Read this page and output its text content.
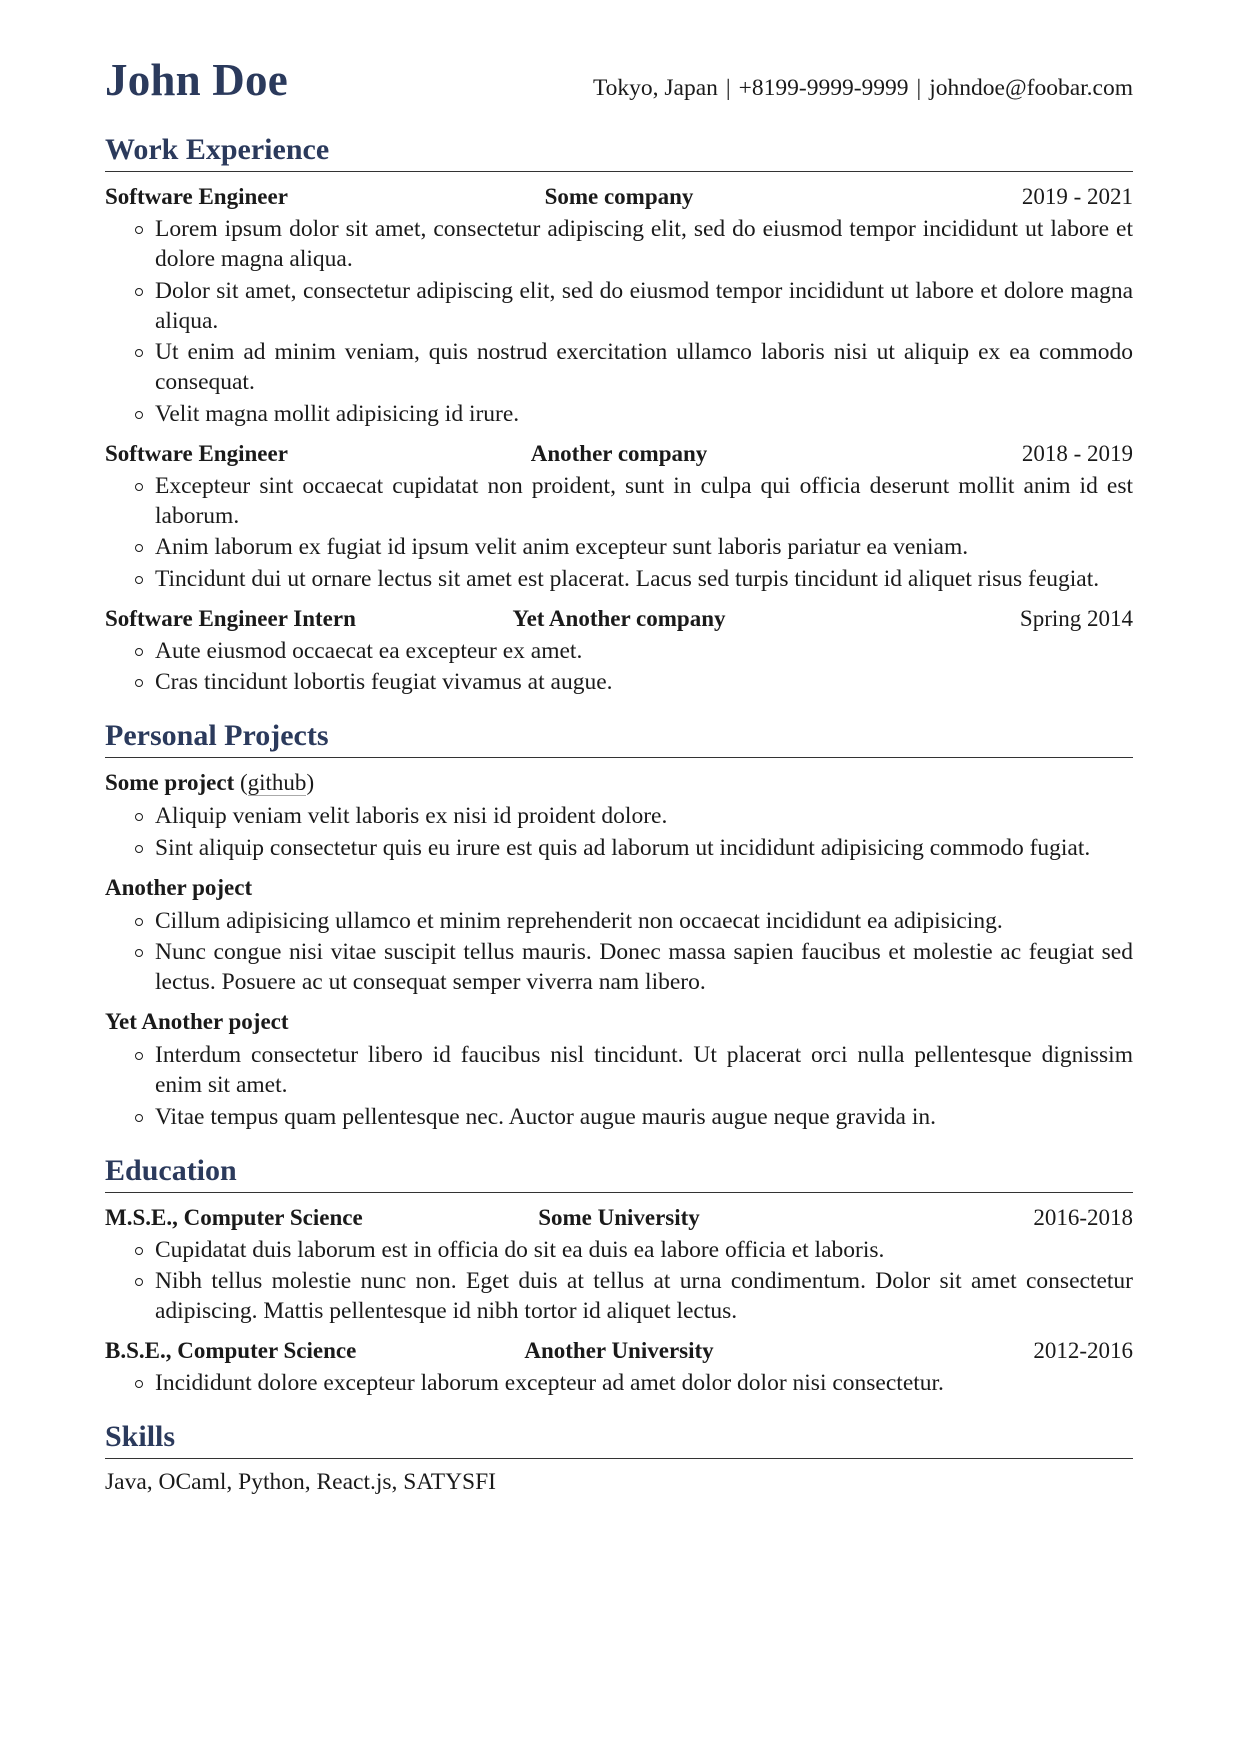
John Doe	Tokyo, Japan | +8199-9999-9999 | johndoe@foobar.com
Work Experience
Software Engineer	Some company	2019 - 2021
Lorem ipsum dolor sit amet, consectetur adipiscing elit, sed do eiusmod tempor incididunt ut labore et dolore magna aliqua.
Dolor sit amet, consectetur adipiscing elit, sed do eiusmod tempor incididunt ut labore et dolore magna aliqua.
Ut enim ad minim veniam, quis nostrud exercitation ullamco laboris nisi ut aliquip ex ea commodo consequat.
Velit magna mollit adipisicing id irure.
Software Engineer	Another company	2018 - 2019
Excepteur sint occaecat cupidatat non proident, sunt in culpa qui officia deserunt mollit anim id est laborum.
Anim laborum ex fugiat id ipsum velit anim excepteur sunt laboris pariatur ea veniam.
Tincidunt dui ut ornare lectus sit amet est placerat. Lacus sed turpis tincidunt id aliquet risus feugiat.
Software Engineer Intern	Yet Another company	Spring 2014
Aute eiusmod occaecat ea excepteur ex amet.
Cras tincidunt lobortis feugiat vivamus at augue.
Personal Projects
Some project (github)
Aliquip veniam velit laboris ex nisi id proident dolore.
Sint aliquip consectetur quis eu irure est quis ad laborum ut incididunt adipisicing commodo fugiat.
Another poject
Cillum adipisicing ullamco et minim reprehenderit non occaecat incididunt ea adipisicing.
Nunc congue nisi vitae suscipit tellus mauris. Donec massa sapien faucibus et molestie ac feugiat sed lectus. Posuere ac ut consequat semper viverra nam libero.
Yet Another poject
Interdum consectetur libero id faucibus nisl tincidunt. Ut placerat orci nulla pellentesque dignissim enim sit amet.
Vitae tempus quam pellentesque nec. Auctor augue mauris augue neque gravida in.
Education
M.S.E., Computer Science	Some University	2016-2018
Cupidatat duis laborum est in officia do sit ea duis ea labore officia et laboris.
Nibh tellus molestie nunc non. Eget duis at tellus at urna condimentum. Dolor sit amet consectetur adipiscing. Mattis pellentesque id nibh tortor id aliquet lectus.
B.S.E., Computer Science	Another University	2012-2016
Incididunt dolore excepteur laborum excepteur ad amet dolor dolor nisi consectetur.
Skills
Java, OCaml, Python, React.js, SATYSFI
